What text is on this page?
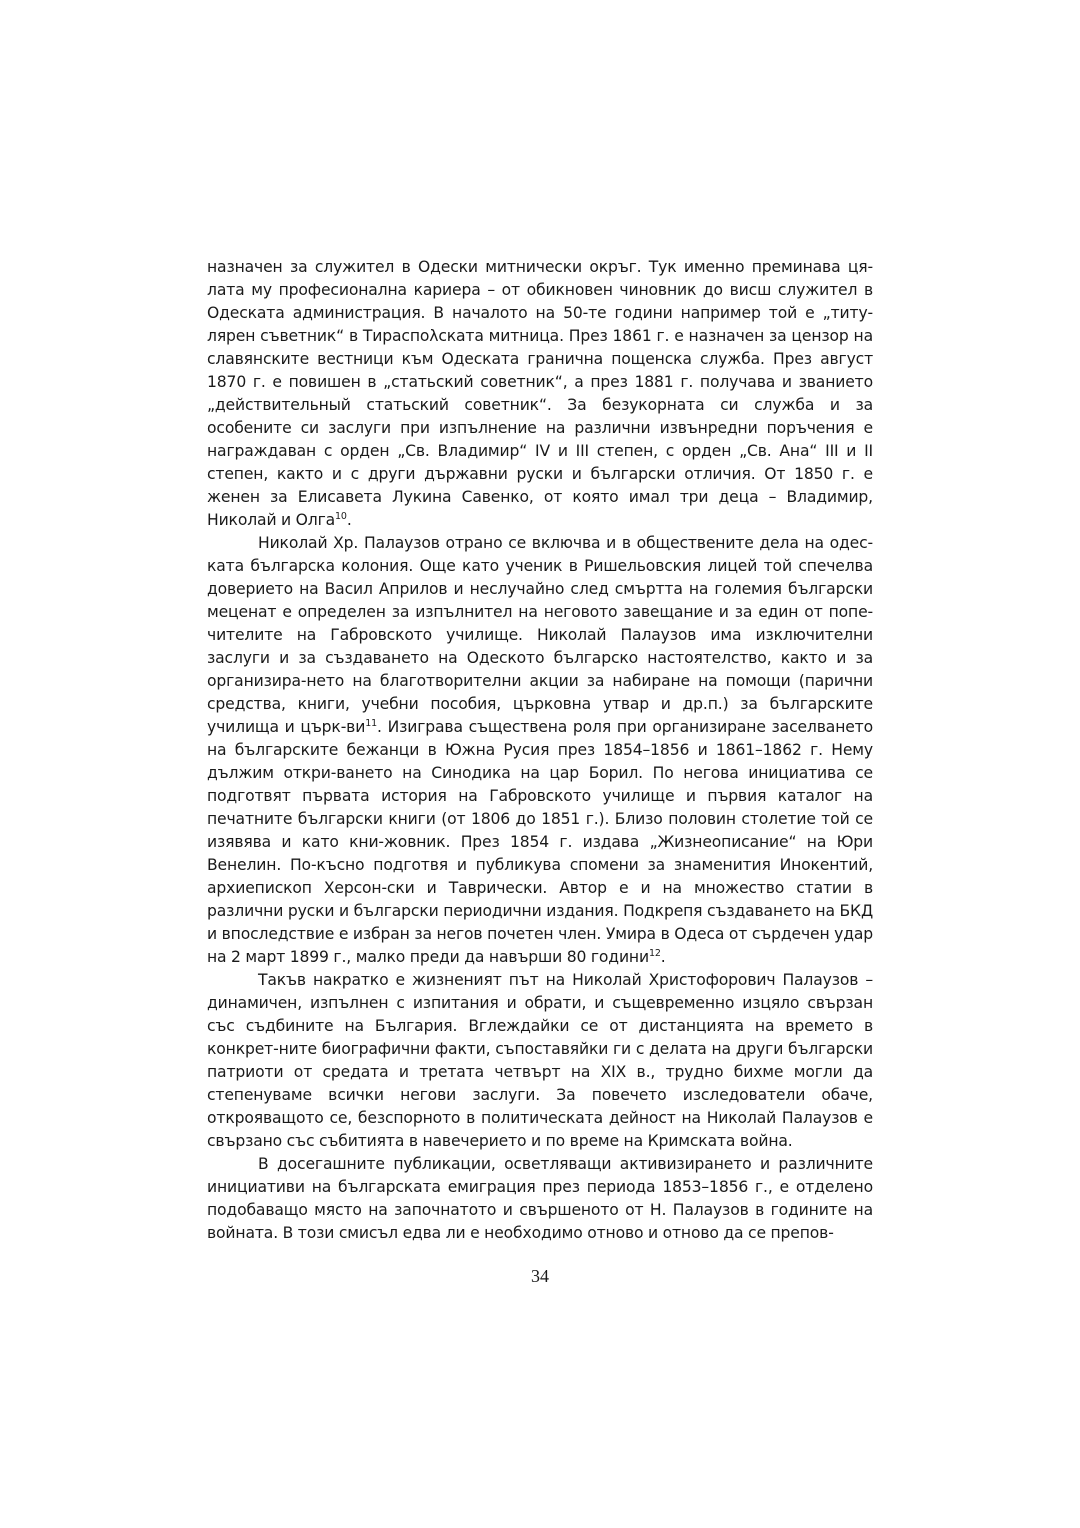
назначен за служител в Одески митнически окръг. Тук именно преминава ця-лата му професионална кариера – от обикновен чиновник до висш служител в Одеската администрация. В началото на 50-те години например той е „титу-лярен съветник“ в Тираспολската митница. През 1861 г. е назначен за цензор на славянските вестници към Одеската гранична пощенска служба. През август 1870 г. е повишен в „статьский советник“, а през 1881 г. получава и званието „действительный статьский советник“. За безукорната си служба и за особените си заслуги при изпълнение на различни извънредни поръчения е награждаван с орден „Св. Владимир“ IV и III степен, с орден „Св. Ана“ III и II степен, както и с други държавни руски и български отличия. От 1850 г. е женен за Елисавета Лукина Савенко, от която имал три деца – Владимир, Николай и Олга$^{10}$.

Николай Хр. Палаузов отрано се включва и в обществените дела на одес-ката българска колония. Още като ученик в Ришельовския лицей той спечелва доверието на Васил Априлов и неслучайно след смъртта на големия български меценат е определен за изпълнител на неговото завещание и за един от попе-чителите на Габровското училище. Николай Палаузов има изключителни заслуги и за създаването на Одеското българско настоятелство, както и за организира-нето на благотворителни акции за набиране на помощи (парични средства, книги, учебни пособия, църковна утвар и др.п.) за българските училища и църк-$ви^{11}$. Изиграва съществена роля при организиране заселването на българските бежанци в Южна Русия през 1854–1856 и 1861–1862 г. Нему дължим откри-ването на Синодика на цар Борил. По негова инициатива се подготвят първата история на Габровското училище и първия каталог на печатните български книги (от 1806 до 1851 г.). Близо половин столетие той се изявява и като кни-жовник. През 1854 г. издава „Жизнеописание“ на Юри Венелин. По-късно подготвя и публикува спомени за знаменития Инокентий, архиепископ Херсон-ски и Таврически. Автор е и на множество статии в различни руски и български периодични издания. Подкрепя създаването на БКД и впоследствие е избран за негов почетен член. Умира в Одеса от сърдечен удар на 2 март 1899 г., малко преди да навърши 80 години$^{12}$.

Такъв накратко е жизненият път на Николай Христофорович Палаузов – динамичен, изпълнен с изпитания и обрати, и същевременно изцяло свързан със съдбините на България. Вглеждайки се от дистанцията на времето в конкрет-ните биографични факти, съпоставяйки ги с делата на други български патриоти от средата и третата четвърт на XIX в., трудно бихме могли да степенуваме всички негови заслуги. За повечето изследователи обаче, открояващото се, безспорното в политическата дейност на Николай Палаузов е свързано със събитията в навечерието и по време на Кримската война.

В досегашните публикации, осветляващи активизирането и различните инициативи на българската емиграция през периода 1853–1856 г., е отделено подобаващо място на започнатото и свършеното от Н. Палаузов в годините на войната. В този смисъл едва ли е необходимо отново и отново да се препов-

34
